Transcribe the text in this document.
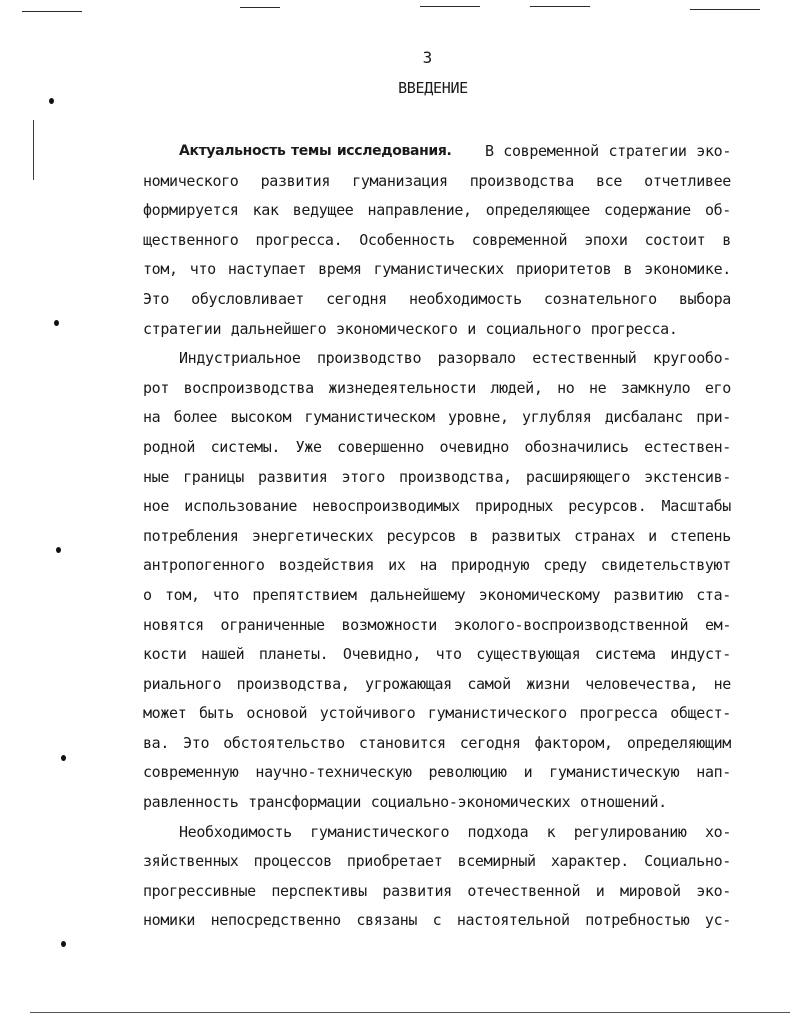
3
ВВЕДЕНИЕ
Актуальность темы исследования. В современной стратегии эко-
номического развития гуманизация производства все отчетливее
формируется как ведущее направление, определяющее содержание об-
щественного прогресса. Особенность современной эпохи состоит в
том, что наступает время гуманистических приоритетов в экономике.
Это обусловливает сегодня необходимость сознательного выбора
стратегии дальнейшего экономического и социального прогресса.
Индустриальное производство разорвало естественный кругообо-
рот воспроизводства жизнедеятельности людей, но не замкнуло его
на более высоком гуманистическом уровне, углубляя дисбаланс при-
родной системы. Уже совершенно очевидно обозначились естествен-
ные границы развития этого производства, расширяющего экстенсив-
ное использование невоспроизводимых природных ресурсов. Масштабы
потребления энергетических ресурсов в развитых странах и степень
антропогенного воздействия их на природную среду свидетельствуют
о том, что препятствием дальнейшему экономическому развитию ста-
новятся ограниченные возможности эколого-воспроизводственной ем-
кости нашей планеты. Очевидно, что существующая система индуст-
риального производства, угрожающая самой жизни человечества, не
может быть основой устойчивого гуманистического прогресса общест-
ва. Это обстоятельство становится сегодня фактором, определяющим
современную научно-техническую революцию и гуманистическую нап-
равленность трансформации социально-экономических отношений.
Необходимость гуманистического подхода к регулированию хо-
зяйственных процессов приобретает всемирный характер. Социально-
прогрессивные перспективы развития отечественной и мировой эко-
номики непосредственно связаны с настоятельной потребностью ус-
